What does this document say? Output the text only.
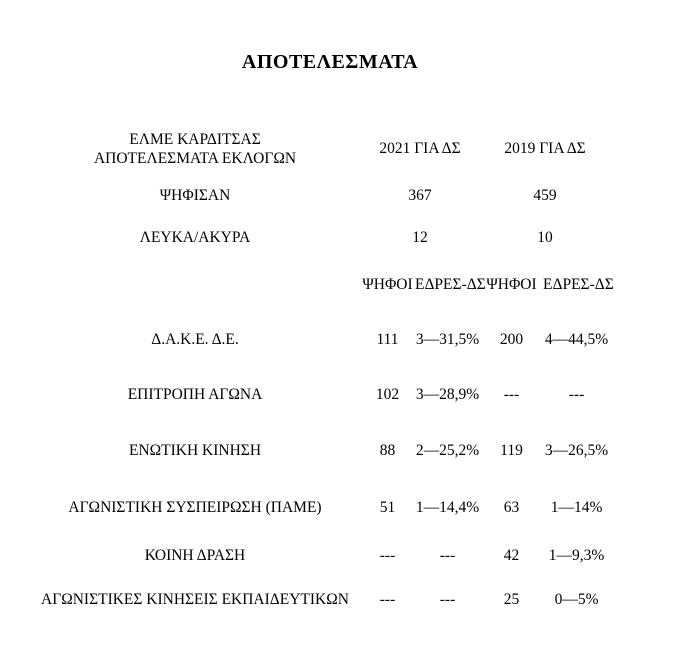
ΑΠΟΤΕΛΕΣΜΑΤΑ
ΕΛΜΕ ΚΑΡΔΙΤΣΑΣ
ΑΠΟΤΕΛΕΣΜΑΤΑ ΕΚΛΟΓΩΝ	2021 ΓΙΑ ΔΣ		2019 ΓΙΑ ΔΣ	
ΨΗΦΙΣΑΝ	367		459	
ΛΕΥΚΑ/ΑΚΥΡΑ	12		10	
	ΨΗΦΟΙ	ΕΔΡΕΣ-ΔΣ	ΨΗΦΟΙ	ΕΔΡΕΣ-ΔΣ
Δ.Α.Κ.Ε. Δ.Ε.	111	3—31,5%	200	4—44,5%
ΕΠΙΤΡΟΠΗ ΑΓΩΝΑ	102	3—28,9%	---	---
ΕΝΩΤΙΚΗ ΚΙΝΗΣΗ	88	2—25,2%	119	3—26,5%
ΑΓΩΝΙΣΤΙΚΗ ΣΥΣΠΕΙΡΩΣΗ (ΠΑΜΕ)	51	1—14,4%	63	1—14%
ΚΟΙΝΗ ΔΡΑΣΗ	---	---	42	1—9,3%
ΑΓΩΝΙΣΤΙΚΕΣ ΚΙΝΗΣΕΙΣ ΕΚΠΑΙΔΕΥΤΙΚΩΝ	---	---	25	0—5%
